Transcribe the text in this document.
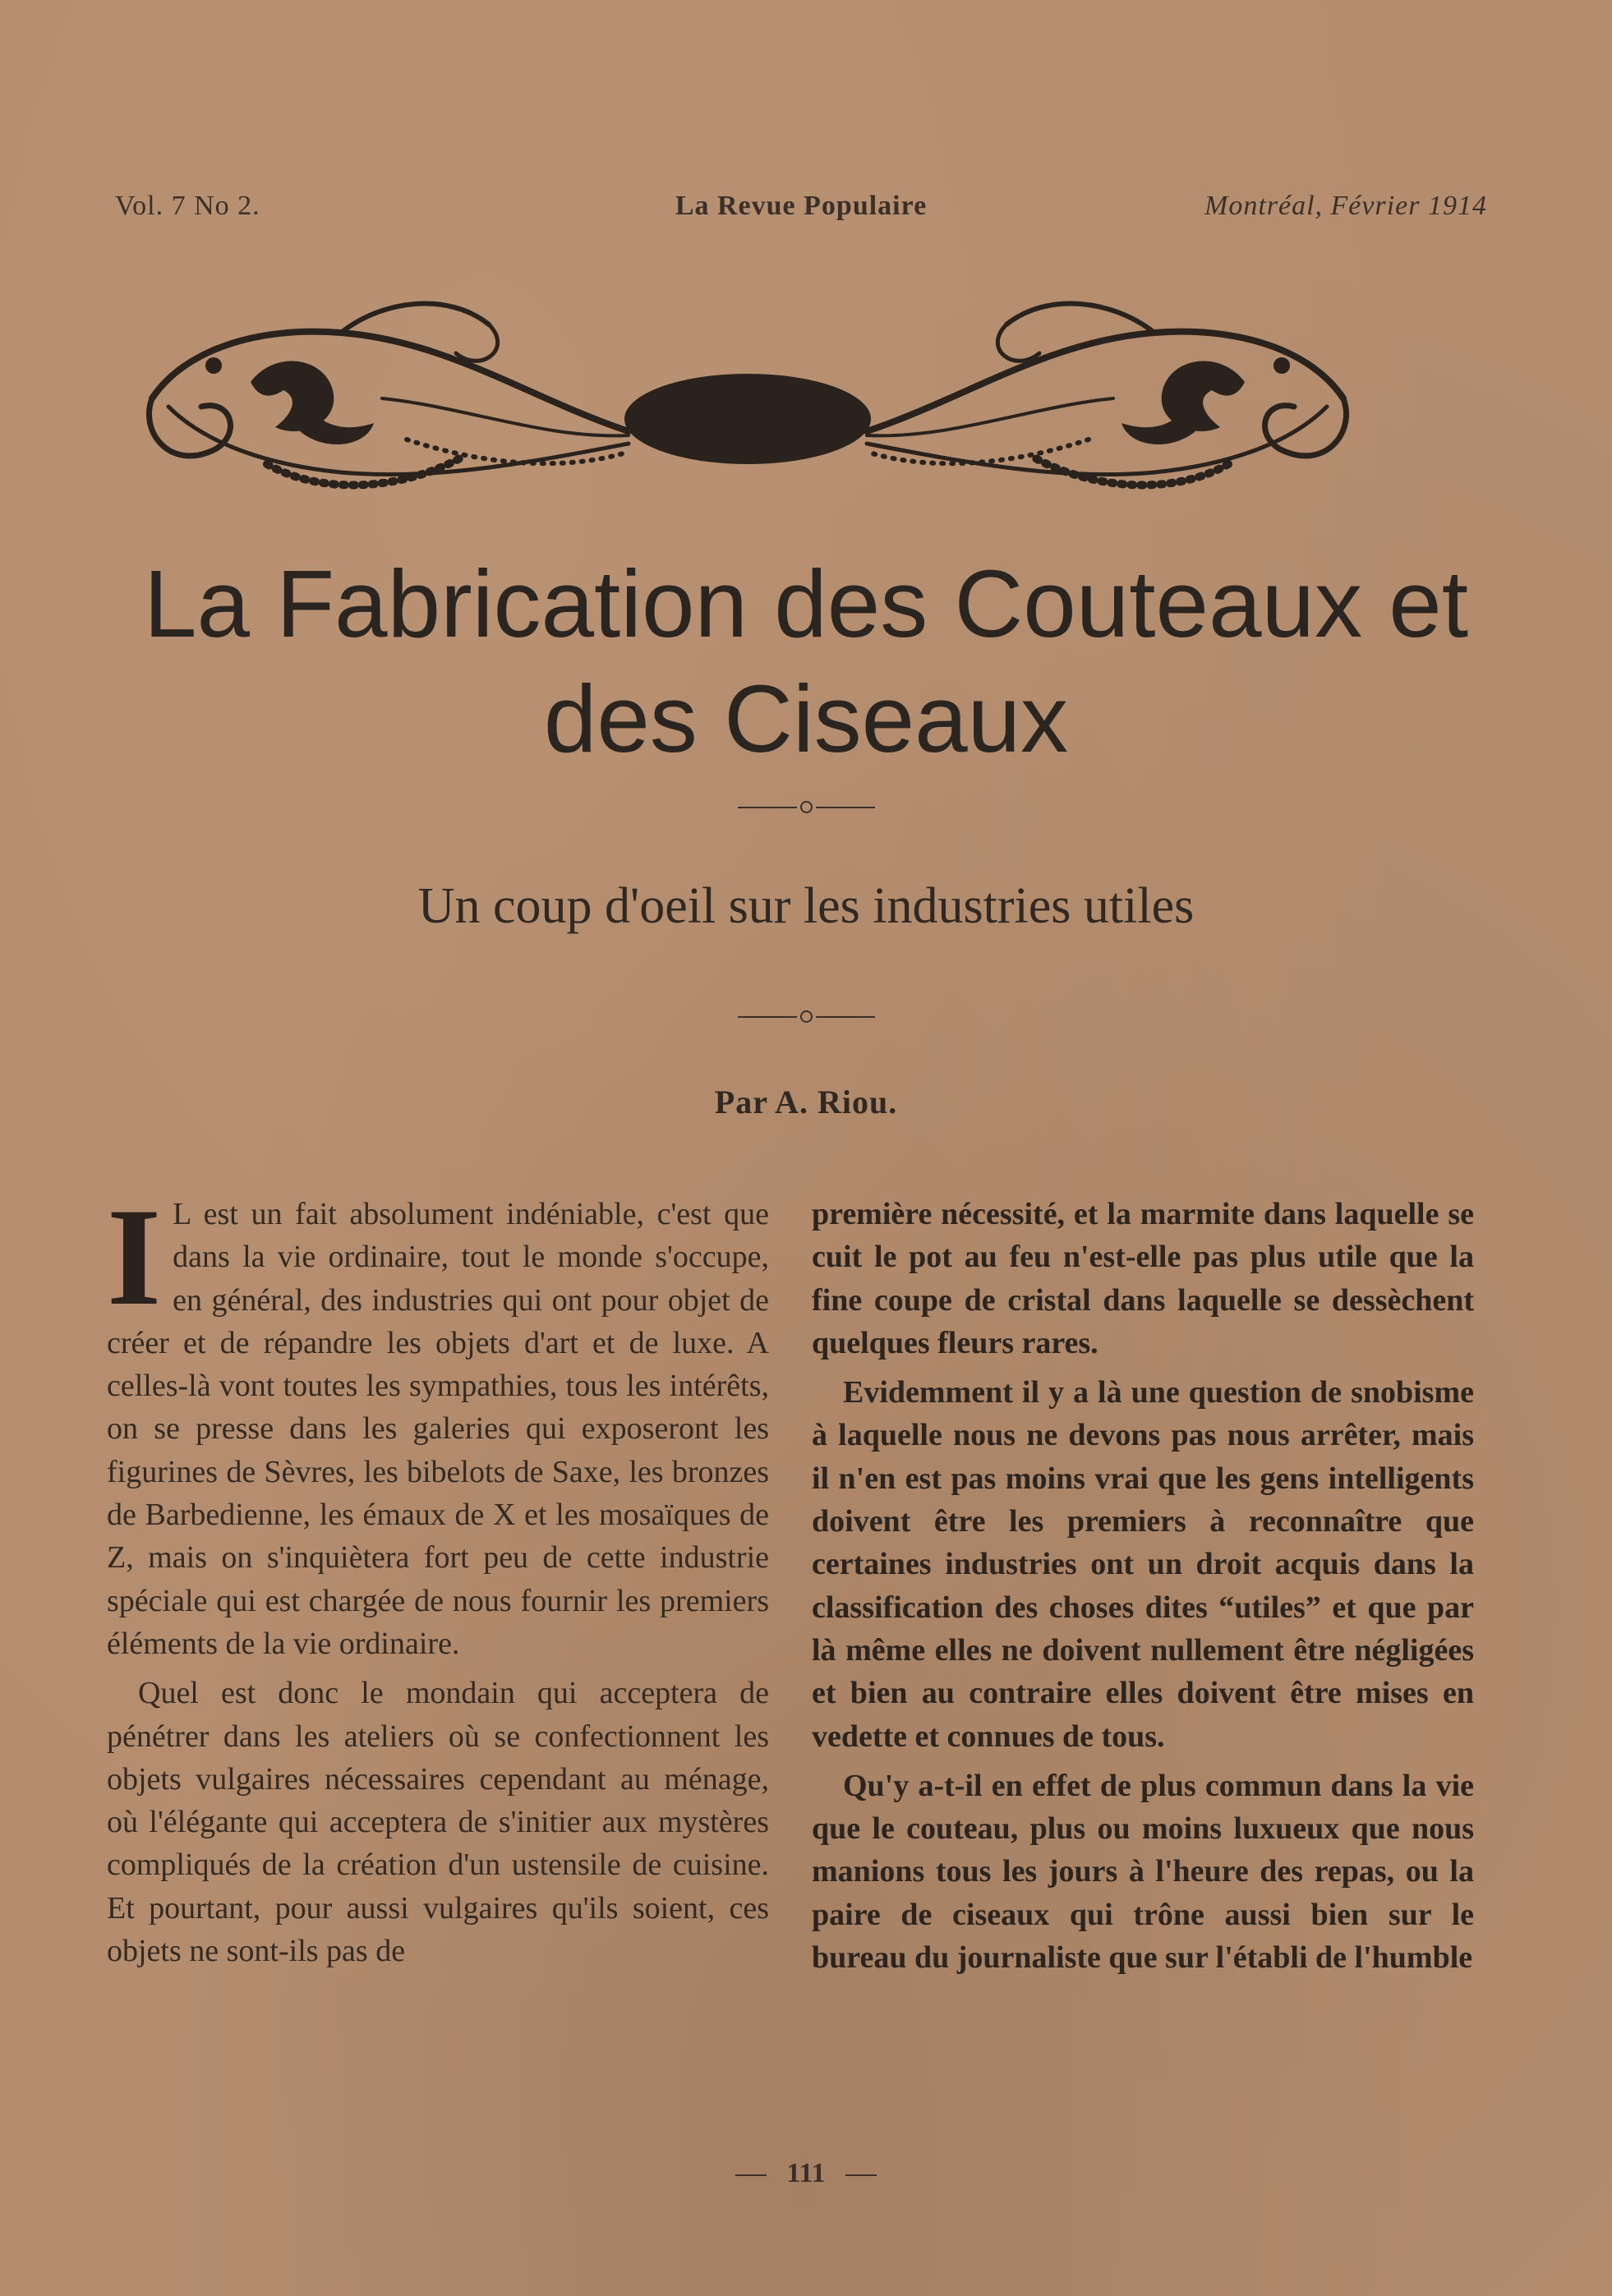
Vol. 7 No 2.	La Revue Populaire	Montréal, Février 1914
La Fabrication des Couteaux et
des Ciseaux
Un coup d'oeil sur les industries utiles
Par A. Riou.

I L est un fait absolument indéniable, c'est que dans la vie ordinaire, tout le monde s'occupe, en général, des industries qui ont pour objet de créer et de répandre les objets d'art et de luxe. A celles-là vont toutes les sympathies, tous les intérêts, on se presse dans les galeries qui exposeront les figurines de Sèvres, les bibelots de Saxe, les bronzes de Barbedienne, les émaux de X et les mosaïques de Z, mais on s'inquiètera fort peu de cette industrie spéciale qui est chargée de nous fournir les premiers éléments de la vie ordinaire.

Quel est donc le mondain qui acceptera de pénétrer dans les ateliers où se confectionnent les objets vulgaires nécessaires cependant au ménage, où l'élégante qui acceptera de s'initier aux mystères compliqués de la création d'un ustensile de cuisine. Et pourtant, pour aussi vulgaires qu'ils soient, ces objets ne sont-ils pas de

première nécessité, et la marmite dans laquelle se cuit le pot au feu n'est-elle pas plus utile que la fine coupe de cristal dans laquelle se dessèchent quelques fleurs rares.

Evidemment il y a là une question de snobisme à laquelle nous ne devons pas nous arrêter, mais il n'en est pas moins vrai que les gens intelligents doivent être les premiers à reconnaître que certaines industries ont un droit acquis dans la classification des choses dites “utiles” et que par là même elles ne doivent nullement être négligées et bien au contraire elles doivent être mises en vedette et connues de tous.

Qu'y a-t-il en effet de plus commun dans la vie que le couteau, plus ou moins luxueux que nous manions tous les jours à l'heure des repas, ou la paire de ciseaux qui trône aussi bien sur le bureau du journaliste que sur l'établi de l'humble

111
